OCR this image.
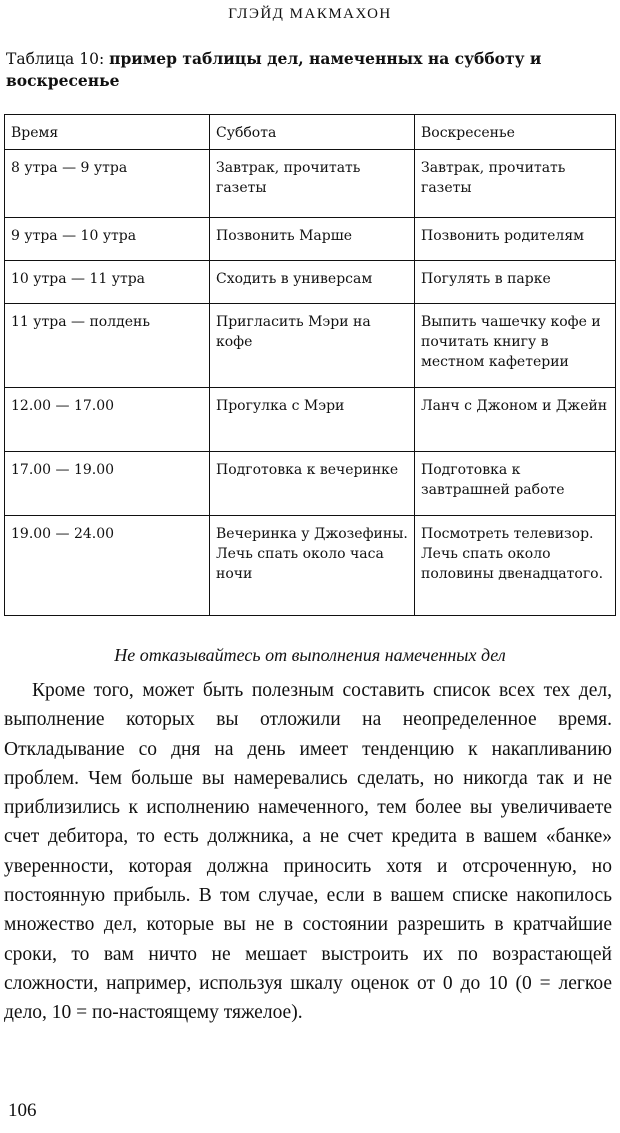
ГЛЭЙД МАКМАХОН
Таблица 10: пример таблицы дел, намеченных на субботу и воскресенье
Время	Суббота	Воскресенье
8 утра — 9 утра	Завтрак, прочитать газеты	Завтрак, прочитать газеты
9 утра — 10 утра	Позвонить Марше	Позвонить родителям
10 утра — 11 утра	Сходить в универсам	Погулять в парке
11 утра — полдень	Пригласить Мэри на кофе	Выпить чашечку кофе и почитать книгу в местном кафетерии
12.00 — 17.00	Прогулка с Мэри	Ланч с Джоном и Джейн
17.00 — 19.00	Подготовка к вечеринке	Подготовка к завтрашней работе
19.00 — 24.00	Вечеринка у Джозефины. Лечь спать около часа ночи	Посмотреть телевизор. Лечь спать около половины двенадцатого.
Не отказывайтесь от выполнения намеченных дел

Кроме того, может быть полезным составить список всех тех дел, выполнение которых вы отложили на неопределенное время. Откладывание со дня на день имеет тенденцию к накапливанию проблем. Чем больше вы намеревались сделать, но никогда так и не приблизились к исполнению намеченного, тем более вы увеличиваете счет дебитора, то есть должника, а не счет кредита в вашем «банке» уверенности, которая должна приносить хотя и отсроченную, но постоянную прибыль. В том случае, если в вашем списке накопилось множество дел, которые вы не в состоянии разрешить в кратчайшие сроки, то вам ничто не мешает выстроить их по возрастающей сложности, например, используя шкалу оценок от 0 до 10 (0 = легкое дело, 10 = по-настоящему тяжелое).

106
